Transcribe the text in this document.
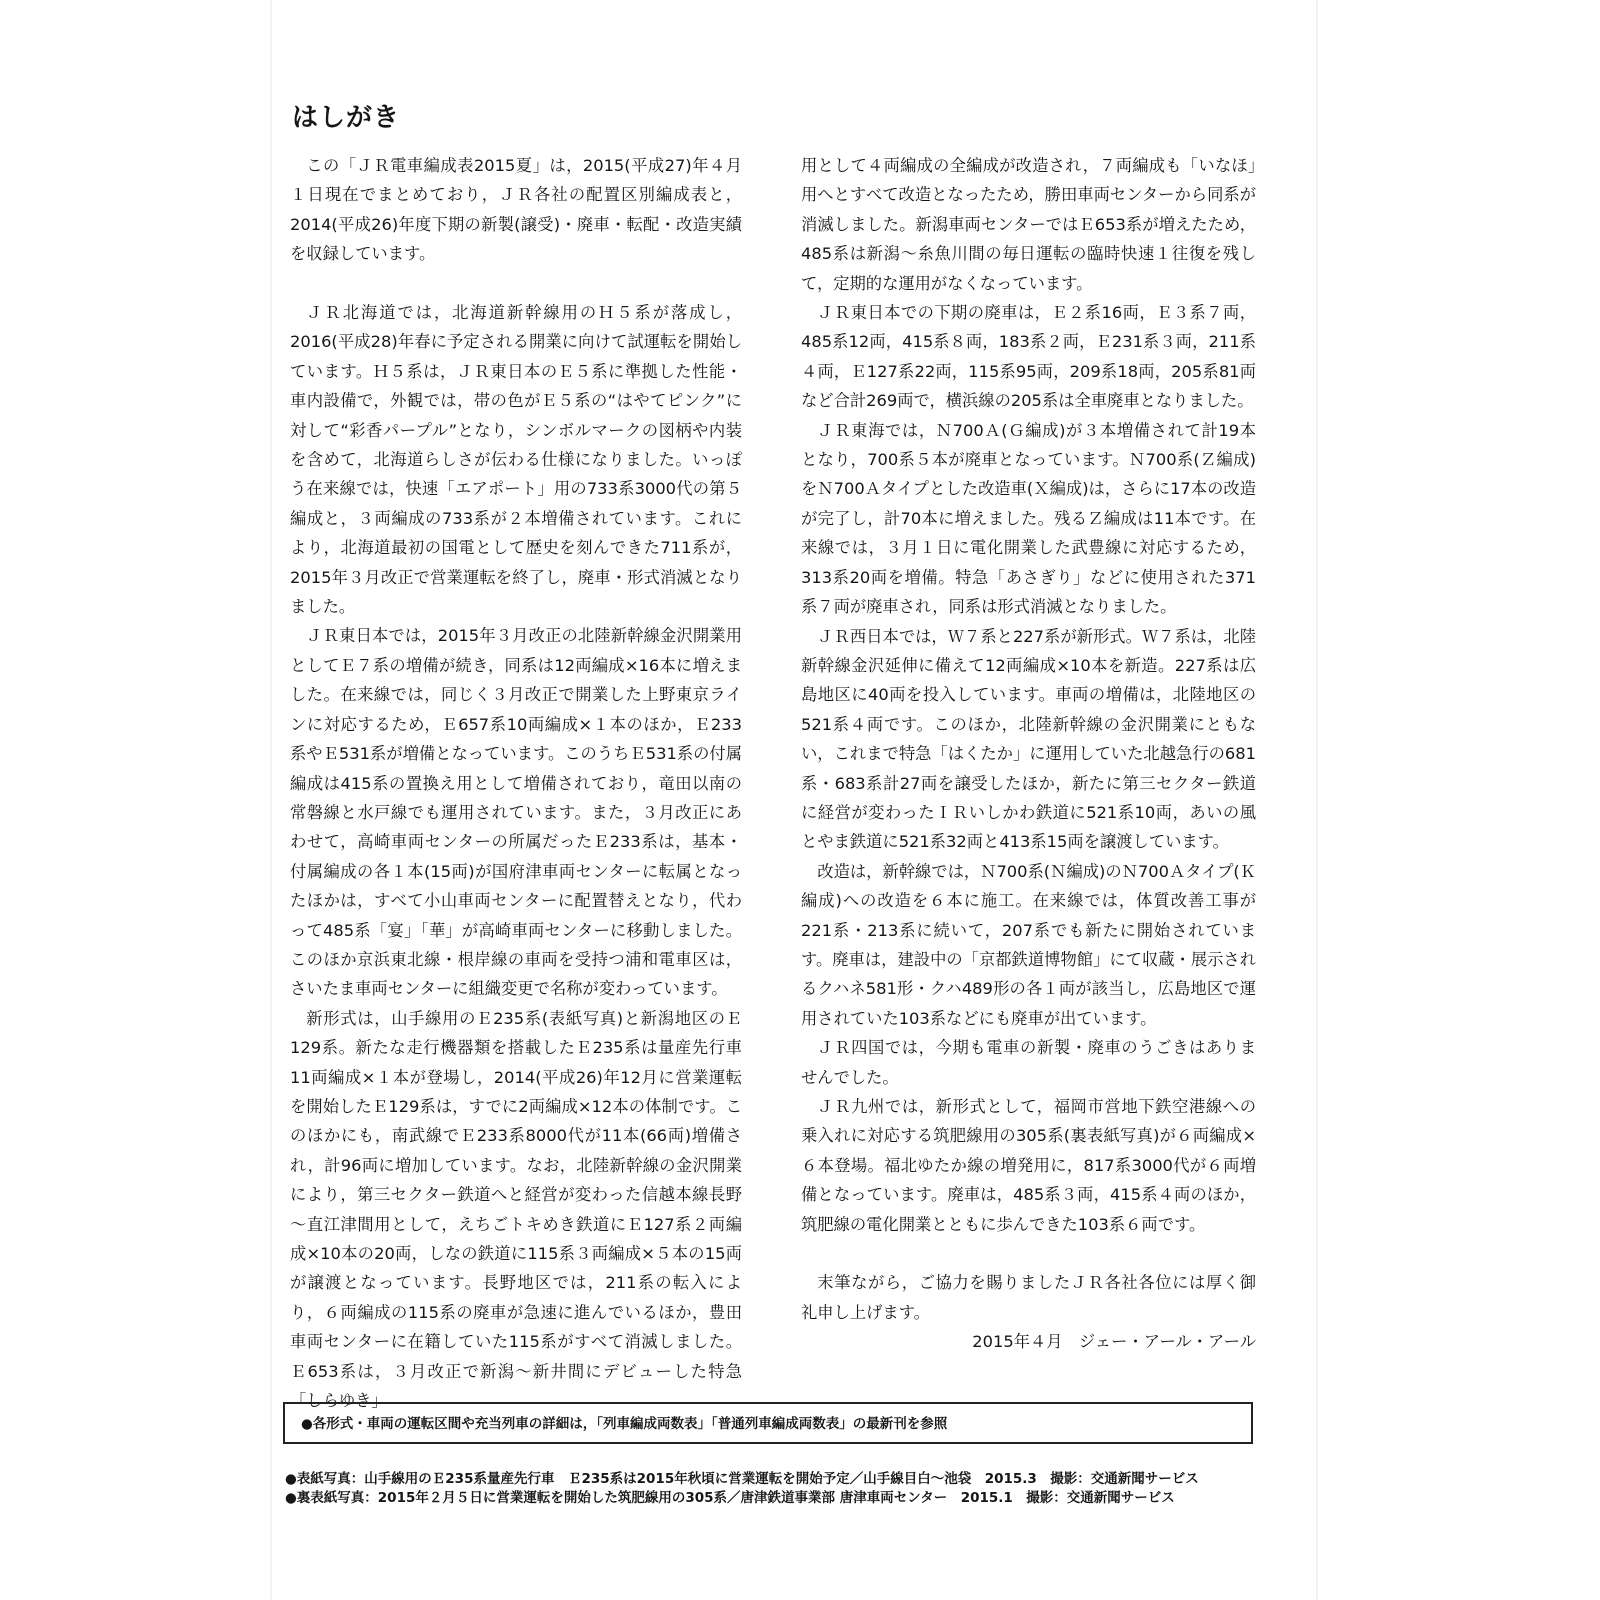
はしがき

この「ＪＲ電車編成表2015夏」は，2015(平成27)年４月１日現在でまとめており，ＪＲ各社の配置区別編成表と，2014(平成26)年度下期の新製(譲受)・廃車・転配・改造実績を収録しています。

ＪＲ北海道では，北海道新幹線用のＨ５系が落成し，2016(平成28)年春に予定される開業に向けて試運転を開始しています。Ｈ５系は，ＪＲ東日本のＥ５系に準拠した性能・車内設備で，外観では，帯の色がＥ５系の“はやてピンク”に対して“彩香パープル”となり，シンボルマークの図柄や内装を含めて，北海道らしさが伝わる仕様になりました。いっぽう在来線では，快速「エアポート」用の733系3000代の第５編成と，３両編成の733系が２本増備されています。これにより，北海道最初の国電として歴史を刻んできた711系が，2015年３月改正で営業運転を終了し，廃車・形式消滅となりました。

ＪＲ東日本では，2015年３月改正の北陸新幹線金沢開業用としてＥ７系の増備が続き，同系は12両編成×16本に増えました。在来線では，同じく３月改正で開業した上野東京ラインに対応するため，Ｅ657系10両編成×１本のほか，Ｅ233系やＥ531系が増備となっています。このうちＥ531系の付属編成は415系の置換え用として増備されており，竜田以南の常磐線と水戸線でも運用されています。また，３月改正にあわせて，高崎車両センターの所属だったＥ233系は，基本・付属編成の各１本(15両)が国府津車両センターに転属となったほかは，すべて小山車両センターに配置替えとなり，代わって485系「宴」「華」が高崎車両センターに移動しました。このほか京浜東北線・根岸線の車両を受持つ浦和電車区は，さいたま車両センターに組織変更で名称が変わっています。

新形式は，山手線用のＥ235系(表紙写真)と新潟地区のＥ129系。新たな走行機器類を搭載したＥ235系は量産先行車11両編成×１本が登場し，2014(平成26)年12月に営業運転を開始したＥ129系は，すでに2両編成×12本の体制です。このほかにも，南武線でＥ233系8000代が11本(66両)増備され，計96両に増加しています。なお，北陸新幹線の金沢開業により，第三セクター鉄道へと経営が変わった信越本線長野～直江津間用として，えちごトキめき鉄道にＥ127系２両編成×10本の20両，しなの鉄道に115系３両編成×５本の15両が譲渡となっています。長野地区では，211系の転入により，６両編成の115系の廃車が急速に進んでいるほか，豊田車両センターに在籍していた115系がすべて消滅しました。Ｅ653系は，３月改正で新潟～新井間にデビューした特急「しらゆき」

用として４両編成の全編成が改造され，７両編成も「いなほ」用へとすべて改造となったため，勝田車両センターから同系が消滅しました。新潟車両センターではＥ653系が増えたため，485系は新潟～糸魚川間の毎日運転の臨時快速１往復を残して，定期的な運用がなくなっています。

ＪＲ東日本での下期の廃車は，Ｅ２系16両，Ｅ３系７両，485系12両，415系８両，183系２両，Ｅ231系３両，211系４両，Ｅ127系22両，115系95両，209系18両，205系81両など合計269両で，横浜線の205系は全車廃車となりました。

ＪＲ東海では，Ｎ700Ａ(Ｇ編成)が３本増備されて計19本となり，700系５本が廃車となっています。Ｎ700系(Ｚ編成)をＮ700Ａタイプとした改造車(Ｘ編成)は，さらに17本の改造が完了し，計70本に増えました。残るＺ編成は11本です。在来線では，３月１日に電化開業した武豊線に対応するため，313系20両を増備。特急「あさぎり」などに使用された371系７両が廃車され，同系は形式消滅となりました。

ＪＲ西日本では，Ｗ７系と227系が新形式。Ｗ７系は，北陸新幹線金沢延伸に備えて12両編成×10本を新造。227系は広島地区に40両を投入しています。車両の増備は，北陸地区の521系４両です。このほか，北陸新幹線の金沢開業にともない，これまで特急「はくたか」に運用していた北越急行の681系・683系計27両を譲受したほか，新たに第三セクター鉄道に経営が変わったＩＲいしかわ鉄道に521系10両，あいの風とやま鉄道に521系32両と413系15両を譲渡しています。

改造は，新幹線では，Ｎ700系(Ｎ編成)のＮ700Ａタイプ(Ｋ編成)への改造を６本に施工。在来線では，体質改善工事が221系・213系に続いて，207系でも新たに開始されています。廃車は，建設中の「京都鉄道博物館」にて収蔵・展示されるクハネ581形・クハ489形の各１両が該当し，広島地区で運用されていた103系などにも廃車が出ています。

ＪＲ四国では，今期も電車の新製・廃車のうごきはありませんでした。

ＪＲ九州では，新形式として，福岡市営地下鉄空港線への乗入れに対応する筑肥線用の305系(裏表紙写真)が６両編成×６本登場。福北ゆたか線の増発用に，817系3000代が６両増備となっています。廃車は，485系３両，415系４両のほか，筑肥線の電化開業とともに歩んできた103系６両です。

末筆ながら，ご協力を賜りましたＪＲ各社各位には厚く御礼申し上げます。

2015年４月　ジェー・アール・アール

●各形式・車両の運転区間や充当列車の詳細は，「列車編成両数表」「普通列車編成両数表」の最新刊を参照
●表紙写真：山手線用のＥ235系量産先行車　Ｅ235系は2015年秋頃に営業運転を開始予定／山手線目白～池袋　2015.3　撮影：交通新聞サービス
●裏表紙写真：2015年２月５日に営業運転を開始した筑肥線用の305系／唐津鉄道事業部 唐津車両センター　2015.1　撮影：交通新聞サービス
